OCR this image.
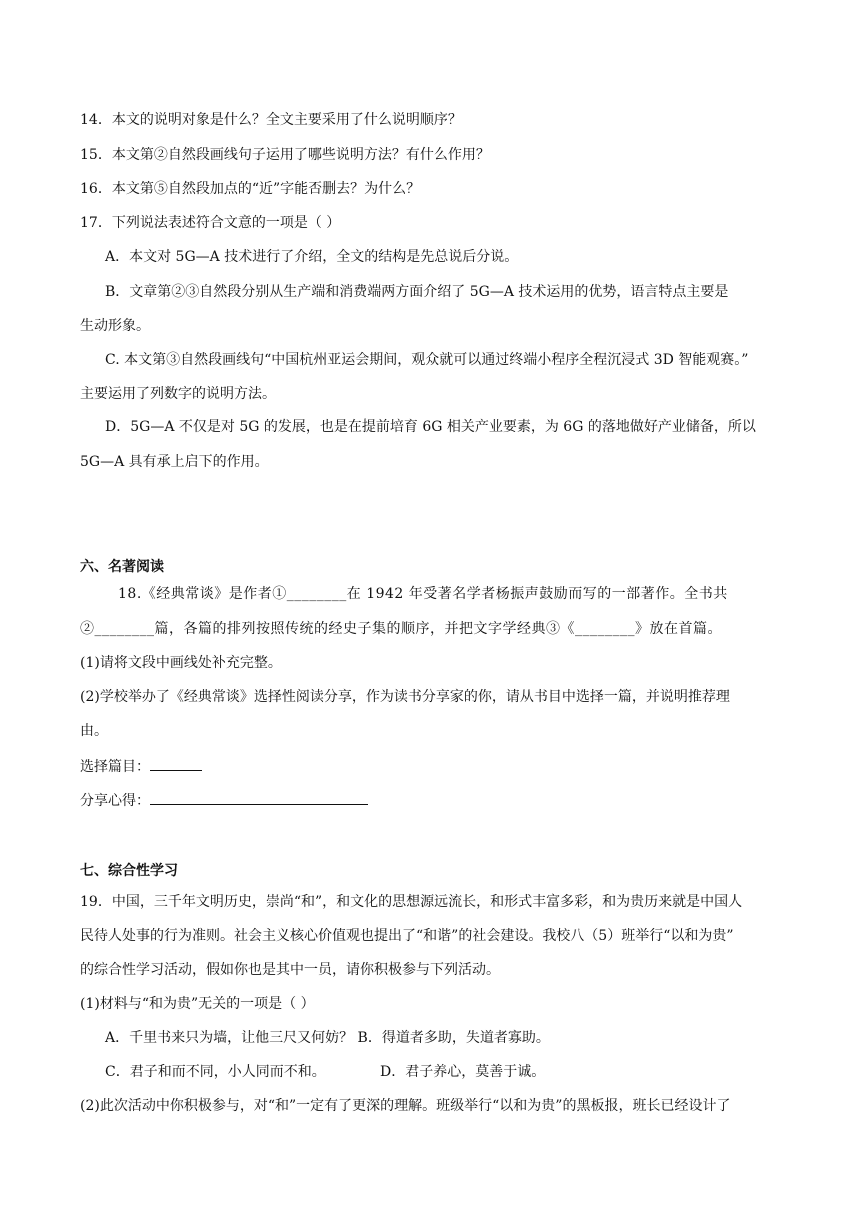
14．本文的说明对象是什么？全文主要采用了什么说明顺序？
15．本文第②自然段画线句子运用了哪些说明方法？有什么作用？
16．本文第⑤自然段加点的“近”字能否删去？为什么？
17．下列说法表述符合文意的一项是（ ）
A．本文对 5G—A 技术进行了介绍，全文的结构是先总说后分说。
B．文章第②③自然段分别从生产端和消费端两方面介绍了 5G—A 技术运用的优势，语言特点主要是
生动形象。
C. 本文第③自然段画线句“中国杭州亚运会期间，观众就可以通过终端小程序全程沉浸式 3D 智能观赛。”
主要运用了列数字的说明方法。
D．5G—A 不仅是对 5G 的发展，也是在提前培育 6G 相关产业要素，为 6G 的落地做好产业储备，所以
5G—A 具有承上启下的作用。
六、名著阅读
18.《经典常谈》是作者①________在 1942 年受著名学者杨振声鼓励而写的一部著作。全书共
②________篇，各篇的排列按照传统的经史子集的顺序，并把文字学经典③《________》放在首篇。
(1)请将文段中画线处补充完整。
(2)学校举办了《经典常谈》选择性阅读分享，作为读书分享家的你，请从书目中选择一篇，并说明推荐理
由。
选择篇目：
分享心得：
七、综合性学习
19．中国，三千年文明历史，崇尚“和”，和文化的思想源远流长，和形式丰富多彩，和为贵历来就是中国人
民待人处事的行为准则。社会主义核心价值观也提出了“和谐”的社会建设。我校八（5）班举行“以和为贵”
的综合性学习活动，假如你也是其中一员，请你积极参与下列活动。
(1)材料与“和为贵”无关的一项是（ ）
A．千里书来只为墙，让他三尺又何妨？ B．得道者多助，失道者寡助。
C．君子和而不同，小人同而不和。	D．君子养心，莫善于诚。
(2)此次活动中你积极参与，对“和”一定有了更深的理解。班级举行“以和为贵”的黑板报，班长已经设计了
